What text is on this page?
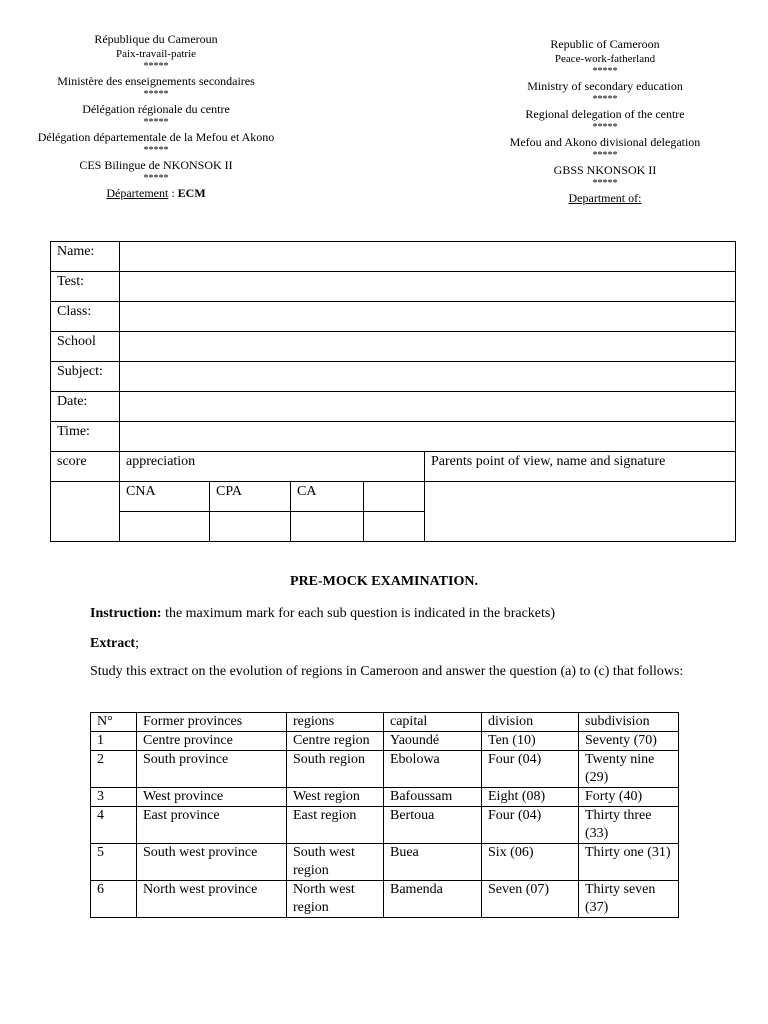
République du Cameroun
Paix-travail-patrie
*****
Ministère des enseignements secondaires
*****
Délégation régionale du centre
*****
Délégation départementale de la Mefou et Akono
*****
CES Bilingue de NKONSOK II
*****
Département : ECM
Republic of Cameroon
Peace-work-fatherland
*****
Ministry of secondary education
*****
Regional delegation of the centre
*****
Mefou and Akono divisional delegation
*****
GBSS NKONSOK II
*****
Department of:
Name:					
Test:					
Class:					
School					
Subject:					
Date:					
Time:					
score	appreciation				Parents point of view, name and signature
	CNA	CPA	CA		

PRE-MOCK EXAMINATION.
Instruction: the maximum mark for each sub question is indicated in the brackets)
Extract;
Study this extract on the evolution of regions in Cameroon and answer the question (a) to (c) that follows:
N°	Former provinces	regions	capital	division	subdivision
1	Centre province	Centre region	Yaoundé	Ten (10)	Seventy (70)
2	South province	South region	Ebolowa	Four (04)	Twenty nine (29)
3	West province	West region	Bafoussam	Eight (08)	Forty (40)
4	East province	East region	Bertoua	Four (04)	Thirty three (33)
5	South west province	South west region	Buea	Six (06)	Thirty one (31)
6	North west province	North west region	Bamenda	Seven (07)	Thirty seven (37)
